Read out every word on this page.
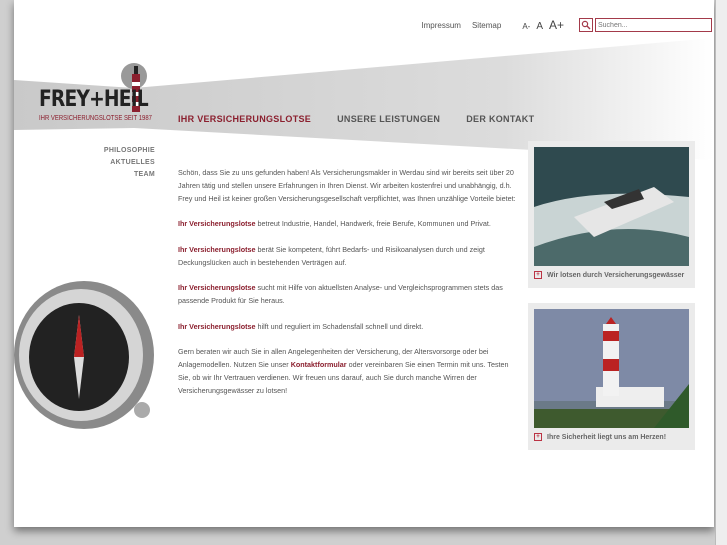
Impressum Sitemap	A- A A+
Suchen...
FREY+HEIL
IHR VERSICHERUNGSLOTSE SEIT 1987	IHR VERSICHERUNGSLOTSE	UNSERE LEISTUNGEN	DER KONTAKT
PHILOSOPHIE
AKTUELLES
TEAM	Schön, dass Sie zu uns gefunden haben! Als Versicherungsmakler in Werdau sind wir bereits seit über 20 Jahren tätig und stellen unsere Erfahrungen in Ihren Dienst. Wir arbeiten kostenfrei und unabhängig, d.h. Frey und Heil ist keiner großen Versicherungsgesellschaft verpflichtet, was Ihnen unzählige Vorteile bietet:

Ihr Versicherungslotse betreut Industrie, Handel, Handwerk, freie Berufe, Kommunen und Privat.

Ihr Versicherungslotse berät Sie kompetent, führt Bedarfs- und Risikoanalysen durch und zeigt Deckungslücken auch in bestehenden Verträgen auf.

Ihr Versicherungslotse sucht mit Hilfe von aktuellsten Analyse- und Vergleichsprogrammen stets das passende Produkt für Sie heraus.

Ihr Versicherungslotse hilft und reguliert im Schadensfall schnell und direkt.

Gern beraten wir auch Sie in allen Angelegenheiten der Versicherung, der Altersvorsorge oder bei Anlagemodellen. Nutzen Sie unser Kontaktformular oder vereinbaren Sie einen Termin mit uns. Testen Sie, ob wir Ihr Vertrauen verdienen. Wir freuen uns darauf, auch Sie durch manche Wirren der Versicherungsgewässer zu lotsen!

+ Wir lotsen durch Versicherungsgewässer
+ Ihre Sicherheit liegt uns am Herzen!
